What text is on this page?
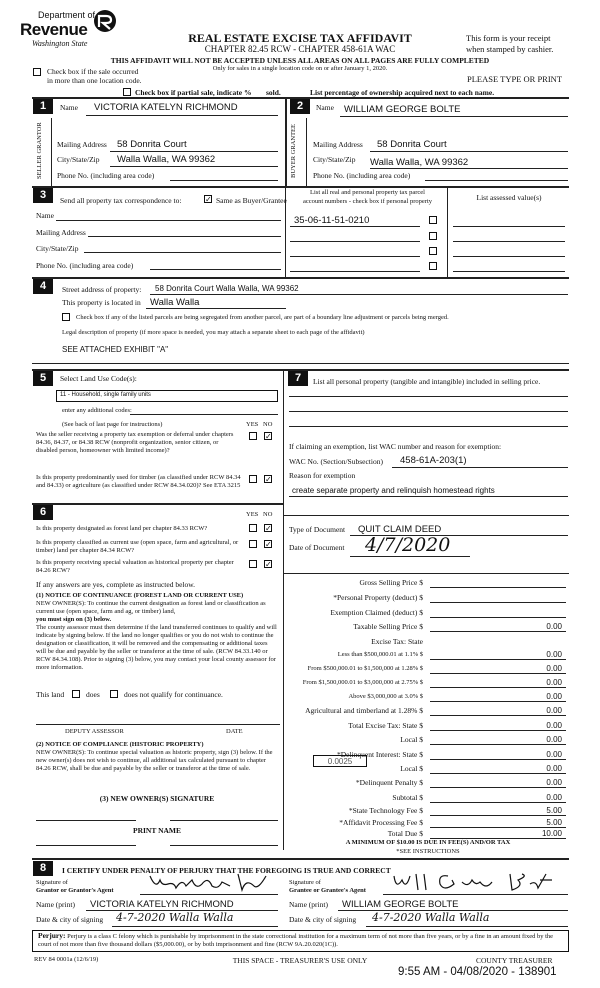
Department of
Revenue
Washington State	REAL ESTATE EXCISE TAX AFFIDAVIT
CHAPTER 82.45 RCW - CHAPTER 458-61A WAC
THIS AFFIDAVIT WILL NOT BE ACCEPTED UNLESS ALL AREAS ON ALL PAGES ARE FULLY COMPLETED
Only for sales in a single location code on or after January 1, 2020.
This form is your receipt
when stamped by cashier.
PLEASE TYPE OR PRINT
Check box if the sale occurred
in more than one location code.
Check box if partial sale, indicate % sold.	List percentage of ownership acquired next to each name.
1	Name VICTORIA KATELYN RICHMOND
SELLER GRANTOR	Mailing Address 58 Donrita Court
City/State/Zip Walla Walla, WA 99362
Phone No. (including area code)
2	Name WILLIAM GEORGE BOLTE
BUYER GRANTEE	Mailing Address 58 Donrita Court
City/State/Zip Walla Walla, WA 99362
Phone No. (including area code)
3	Send all property tax correspondence to:	✓ Same as Buyer/Grantee
List all real and personal property tax parcel
account numbers - check box if personal property	List assessed value(s)
Name
Mailing Address
City/State/Zip
Phone No. (including area code)
35-06-11-51-0210
4	Street address of property: 58 Donrita Court Walla Walla, WA 99362
This property is located in Walla Walla
Check box if any of the listed parcels are being segregated from another parcel, are part of a boundary line adjustment or parcels being merged.
Legal description of property (if more space is needed, you may attach a separate sheet to each page of the affidavit)
SEE ATTACHED EXHIBIT "A"
5	Select Land Use Code(s):
11 - Household, single family units
enter any additional codes:
(See back of last page for instructions)	YES NO
Was the seller receiving a property tax exemption or deferral under chapters 84.36, 84.37, or 84.38 RCW (nonprofit organization, senior citizen, or disabled person, homeowner with limited income)?
✓
Is this property predominantly used for timber (as classified under RCW 84.34 and 84.33) or agriculture (as classified under RCW 84.34.020)? See ETA 3215
✓
7	List all personal property (tangible and intangible) included in selling price.
If claiming an exemption, list WAC number and reason for exemption:
WAC No. (Section/Subsection) 458-61A-203(1)
Reason for exemption
create separate property and relinquish homestead rights
6	YES NO
Is this property designated as forest land per chapter 84.33 RCW?	✓
Is this property classified as current use (open space, farm and agricultural, or timber) land per chapter 84.34 RCW?
✓
Is this property receiving special valuation as historical property per chapter 84.26 RCW?
✓
If any answers are yes, complete as instructed below.
(1) NOTICE OF CONTINUANCE (FOREST LAND OR CURRENT USE)
NEW OWNER(S): To continue the current designation as forest land or classification as current use (open space, farm and ag, or timber) land,
you must sign on (3) below.
The county assessor must then determine if the land transferred continues to qualify and will indicate by signing below. If the land no longer qualifies or you do not wish to continue the designation or classification, it will be removed and the compensating or additional taxes will be due and payable by the seller or transferor at the time of sale. (RCW 84.33.140 or RCW 84.34.108). Prior to signing (3) below, you may contact your local county assessor for more information.
This land	does	does not qualify for continuance.
DEPUTY ASSESSOR	DATE
(2) NOTICE OF COMPLIANCE (HISTORIC PROPERTY)
NEW OWNER(S): To continue special valuation as historic property, sign (3) below. If the new owner(s) does not wish to continue, all additional tax calculated pursuant to chapter 84.26 RCW, shall be due and payable by the seller or transferor at the time of sale.
(3) NEW OWNER(S) SIGNATURE
PRINT NAME
Type of Document QUIT CLAIM DEED
Date of Document 4/7/2020
Gross Selling Price $
*Personal Property (deduct) $
Exemption Claimed (deduct) $
Taxable Selling Price $	0.00
Excise Tax: State
Less than $500,000.01 at 1.1% $	0.00
From $500,000.01 to $1,500,000 at 1.28% $	0.00
From $1,500,000.01 to $3,000,000 at 2.75% $	0.00
Above $3,000,000 at 3.0% $	0.00
Agricultural and timberland at 1.28% $	0.00
Total Excise Tax: State $	0.00
Local $	0.00
*Delinquent Interest: State $	0.00
Local $	0.00
*Delinquent Penalty $	0.00
Subtotal $	0.00
*State Technology Fee $	5.00
*Affidavit Processing Fee $	5.00
Total Due $	10.00
0.0025
A MINIMUM OF $10.00 IS DUE IN FEE(S) AND/OR TAX
*SEE INSTRUCTIONS
8	I CERTIFY UNDER PENALTY OF PERJURY THAT THE FOREGOING IS TRUE AND CORRECT
Signature of
Grantor or Grantor's Agent
Signature of
Grantee or Grantee's Agent
Name (print) VICTORIA KATELYN RICHMOND	Name (print) WILLIAM GEORGE BOLTE
Date & city of signing 4-7-2020 Walla Walla	Date & city of signing 4-7-2020 Walla Walla
Perjury: Perjury is a class C felony which is punishable by imprisonment in the state correctional institution for a maximum term of not more than five years, or by a fine in an amount fixed by the court of not more than five thousand dollars ($5,000.00), or by both imprisonment and fine (RCW 9A.20.020(1C)).
REV 84 0001a (12/6/19)	THIS SPACE - TREASURER'S USE ONLY	COUNTY TREASURER
9:55 AM - 04/08/2020 - 138901
